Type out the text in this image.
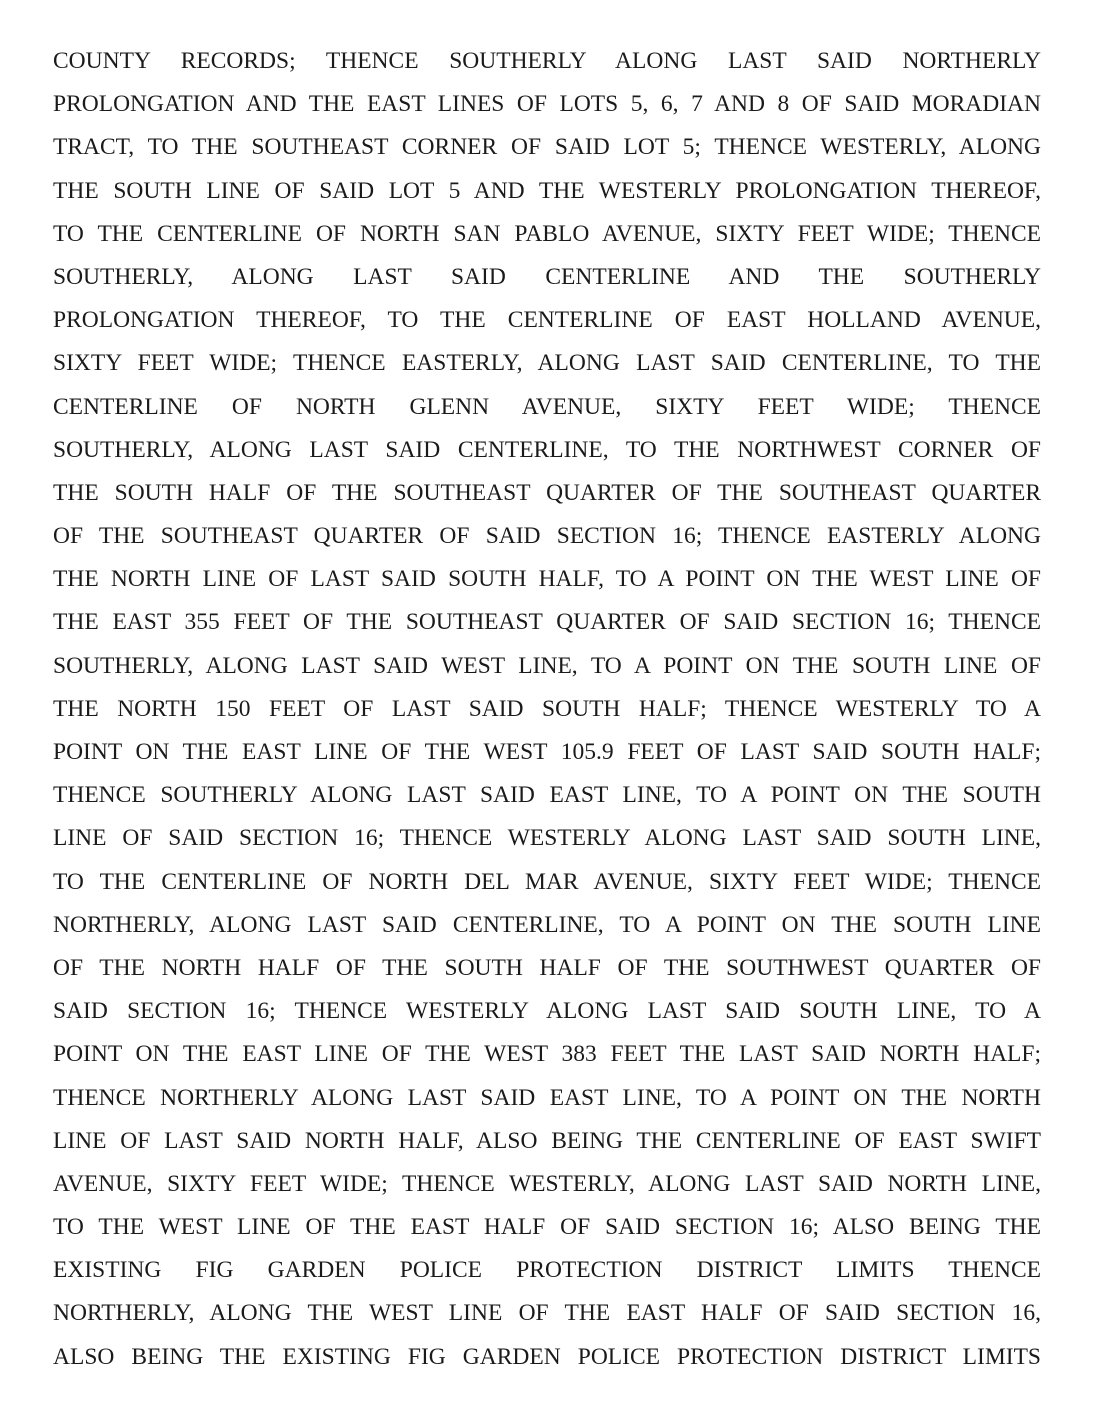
COUNTY RECORDS; THENCE SOUTHERLY ALONG LAST SAID NORTHERLY
PROLONGATION AND THE EAST LINES OF LOTS 5, 6, 7 AND 8 OF SAID MORADIAN
TRACT, TO THE SOUTHEAST CORNER OF SAID LOT 5; THENCE WESTERLY, ALONG
THE SOUTH LINE OF SAID LOT 5 AND THE WESTERLY PROLONGATION THEREOF,
TO THE CENTERLINE OF NORTH SAN PABLO AVENUE, SIXTY FEET WIDE; THENCE
SOUTHERLY, ALONG LAST SAID CENTERLINE AND THE SOUTHERLY
PROLONGATION THEREOF, TO THE CENTERLINE OF EAST HOLLAND AVENUE,
SIXTY FEET WIDE; THENCE EASTERLY, ALONG LAST SAID CENTERLINE, TO THE
CENTERLINE OF NORTH GLENN AVENUE, SIXTY FEET WIDE; THENCE
SOUTHERLY, ALONG LAST SAID CENTERLINE, TO THE NORTHWEST CORNER OF
THE SOUTH HALF OF THE SOUTHEAST QUARTER OF THE SOUTHEAST QUARTER
OF THE SOUTHEAST QUARTER OF SAID SECTION 16; THENCE EASTERLY ALONG
THE NORTH LINE OF LAST SAID SOUTH HALF, TO A POINT ON THE WEST LINE OF
THE EAST 355 FEET OF THE SOUTHEAST QUARTER OF SAID SECTION 16; THENCE
SOUTHERLY, ALONG LAST SAID WEST LINE, TO A POINT ON THE SOUTH LINE OF
THE NORTH 150 FEET OF LAST SAID SOUTH HALF; THENCE WESTERLY TO A
POINT ON THE EAST LINE OF THE WEST 105.9 FEET OF LAST SAID SOUTH HALF;
THENCE SOUTHERLY ALONG LAST SAID EAST LINE, TO A POINT ON THE SOUTH
LINE OF SAID SECTION 16; THENCE WESTERLY ALONG LAST SAID SOUTH LINE,
TO THE CENTERLINE OF NORTH DEL MAR AVENUE, SIXTY FEET WIDE; THENCE
NORTHERLY, ALONG LAST SAID CENTERLINE, TO A POINT ON THE SOUTH LINE
OF THE NORTH HALF OF THE SOUTH HALF OF THE SOUTHWEST QUARTER OF
SAID SECTION 16; THENCE WESTERLY ALONG LAST SAID SOUTH LINE, TO A
POINT ON THE EAST LINE OF THE WEST 383 FEET THE LAST SAID NORTH HALF;
THENCE NORTHERLY ALONG LAST SAID EAST LINE, TO A POINT ON THE NORTH
LINE OF LAST SAID NORTH HALF, ALSO BEING THE CENTERLINE OF EAST SWIFT
AVENUE, SIXTY FEET WIDE; THENCE WESTERLY, ALONG LAST SAID NORTH LINE,
TO THE WEST LINE OF THE EAST HALF OF SAID SECTION 16; ALSO BEING THE
EXISTING FIG GARDEN POLICE PROTECTION DISTRICT LIMITS THENCE
NORTHERLY, ALONG THE WEST LINE OF THE EAST HALF OF SAID SECTION 16,
ALSO BEING THE EXISTING FIG GARDEN POLICE PROTECTION DISTRICT LIMITS
